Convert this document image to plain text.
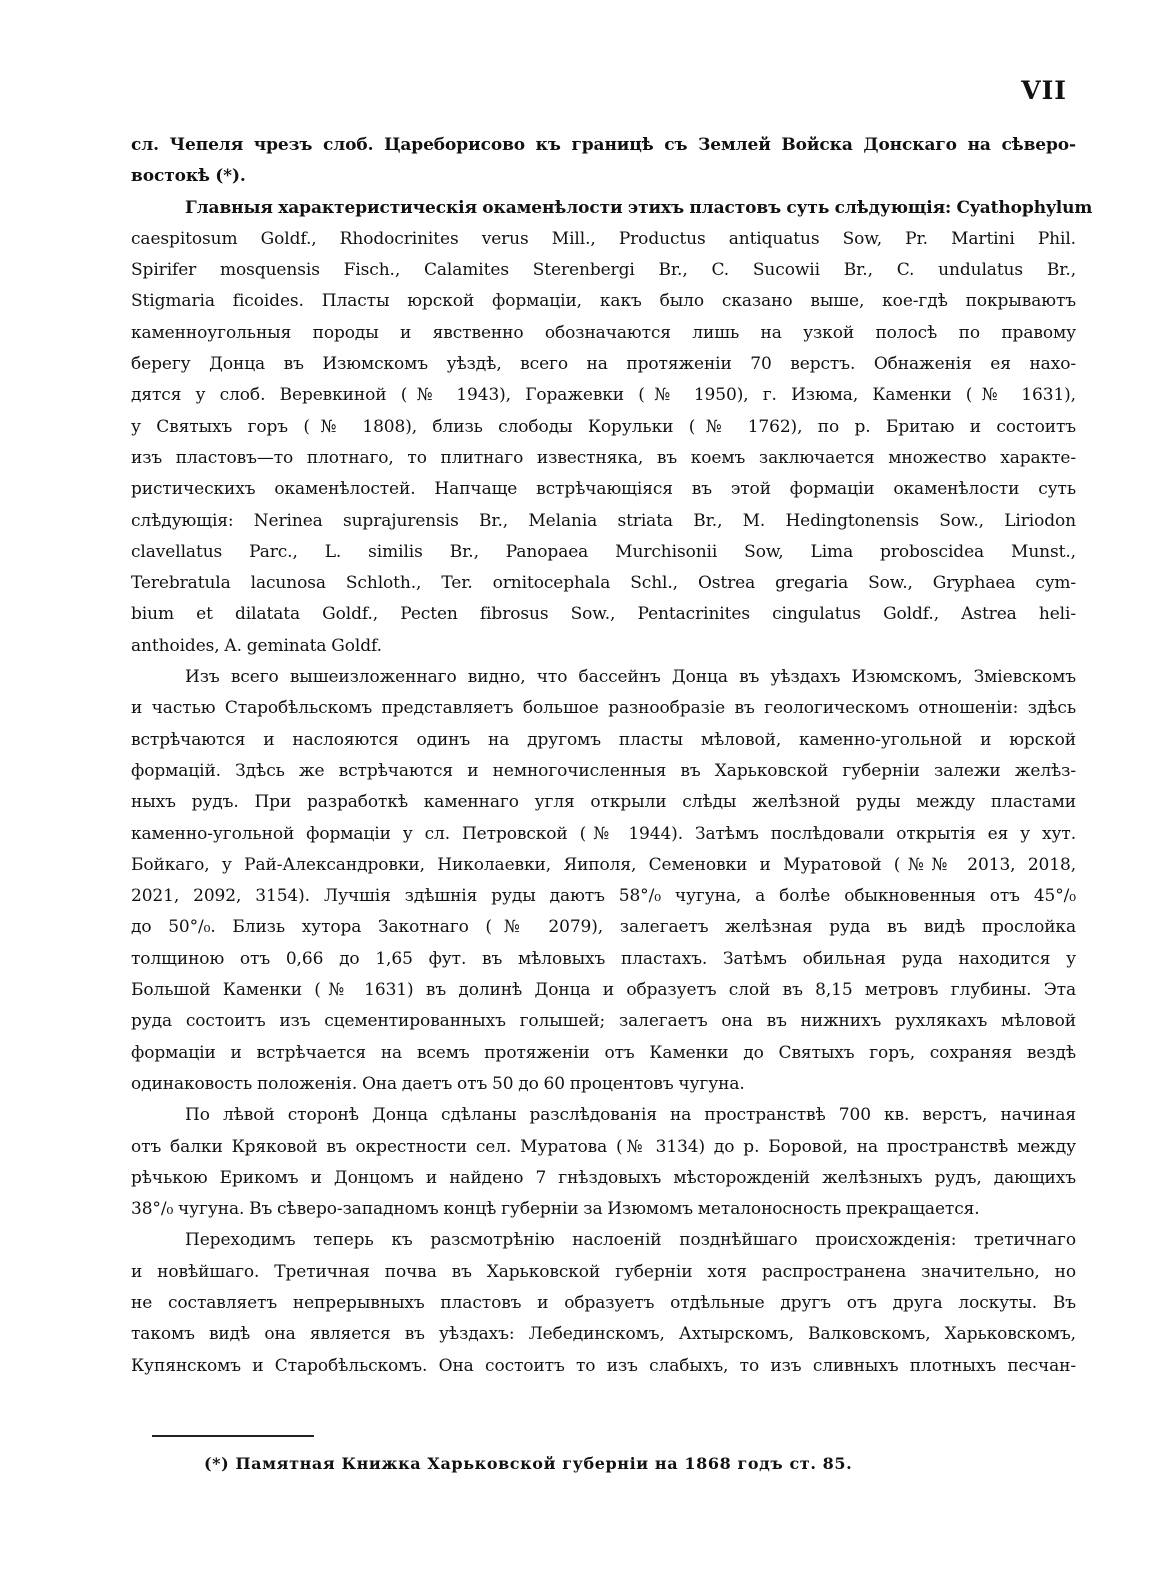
VII
сл. Чепеля чрезъ слоб. Цареборисово къ границѣ съ Землей Войска Донскаго на сѣверо-
востокѣ (*).
Главныя характеристическія окаменѣлости этихъ пластовъ суть слѣдующія: Cyathophylum
caespitosum Goldf., Rhodocrinites verus Mill., Productus antiquatus Sow, Pr. Martini Phil.
Spirifer mosquensis Fisch., Calamites Sterenbergi Br., C. Sucowii Br., C. undulatus Br.,
Stigmaria ficoides. Пласты юрской формаціи, какъ было сказано выше, кое-гдѣ покрываютъ
каменноугольныя породы и явственно обозначаются лишь на узкой полосѣ по правому
берегу Донца въ Изюмскомъ уѣздѣ, всего на протяженіи 70 верстъ. Обнаженія ея нахо-
дятся у слоб. Веревкиной (№ 1943), Горажевки (№ 1950), г. Изюма, Каменки (№ 1631),
у Святыхъ горъ (№ 1808), близь слободы Корульки (№ 1762), по р. Бритаю и состоитъ
изъ пластовъ—то плотнаго, то плитнаго известняка, въ коемъ заключается множество характе-
ристическихъ окаменѣлостей. Напчаще встрѣчающіяся въ этой формаціи окаменѣлости суть
слѣдующія: Nerinea suprajurensis Br., Melania striata Br., M. Hedingtonensis Sow., Liriodon
clavellatus Parc., L. similis Br., Panopaea Murchisonii Sow, Lima proboscidea Munst.,
Terebratula lacunosa Schloth., Ter. ornitocephala Schl., Ostrea gregaria Sow., Gryphaea cym-
bium et dilatata Goldf., Pecten fibrosus Sow., Pentacrinites cingulatus Goldf., Astrea heli-
anthoides, A. geminata Goldf.
Изъ всего вышеизложеннаго видно, что бассейнъ Донца въ уѣздахъ Изюмскомъ, Зміевскомъ
и частью Старобѣльскомъ представляетъ большое разнообразіе въ геологическомъ отношеніи: здѣсь
встрѣчаются и наслояются одинъ на другомъ пласты мѣловой, каменно-угольной и юрской
формацій. Здѣсь же встрѣчаются и немногочисленныя въ Харьковской губерніи залежи желѣз-
ныхъ рудъ. При разработкѣ каменнаго угля открыли слѣды желѣзной руды между пластами
каменно-угольной формаціи у сл. Петровской (№ 1944). Затѣмъ послѣдовали открытія ея у хут.
Бойкаго, у Рай-Александровки, Николаевки, Яиполя, Семеновки и Муратовой (№№ 2013, 2018,
2021, 2092, 3154). Лучшія здѣшнія руды даютъ 58°/₀ чугуна, а болѣе обыкновенныя отъ 45°/₀
до 50°/₀. Близь хутора Закотнаго (№ 2079), залегаетъ желѣзная руда въ видѣ прослойка
толщиною отъ 0,66 до 1,65 фут. въ мѣловыхъ пластахъ. Затѣмъ обильная руда находится у
Большой Каменки (№ 1631) въ долинѣ Донца и образуетъ слой въ 8,15 метровъ глубины. Эта
руда состоитъ изъ сцементированныхъ голышей; залегаетъ она въ нижнихъ рухлякахъ мѣловой
формаціи и встрѣчается на всемъ протяженіи отъ Каменки до Святыхъ горъ, сохраняя вездѣ
одинаковость положенія. Она даетъ отъ 50 до 60 процентовъ чугуна.
По лѣвой сторонѣ Донца сдѣланы разслѣдованія на пространствѣ 700 кв. верстъ, начиная
отъ балки Кряковой въ окрестности сел. Муратова (№ 3134) до р. Боровой, на пространствѣ между
рѣчькою Ерикомъ и Донцомъ и найдено 7 гнѣздовыхъ мѣсторожденій желѣзныхъ рудъ, дающихъ
38°/₀ чугуна. Въ сѣверо-западномъ концѣ губерніи за Изюмомъ металоносность прекращается.
Переходимъ теперь къ разсмотрѣнію наслоеній позднѣйшаго происхожденія: третичнаго
и новѣйшаго. Третичная почва въ Харьковской губерніи хотя распространена значительно, но
не составляетъ непрерывныхъ пластовъ и образуетъ отдѣльные другъ отъ друга лоскуты. Въ
такомъ видѣ она является въ уѣздахъ: Лебединскомъ, Ахтырскомъ, Валковскомъ, Харьковскомъ,
Купянскомъ и Старобѣльскомъ. Она состоитъ то изъ слабыхъ, то изъ сливныхъ плотныхъ песчан-
(*) Памятная Книжка Харьковской губерніи на 1868 годъ ст. 85.
